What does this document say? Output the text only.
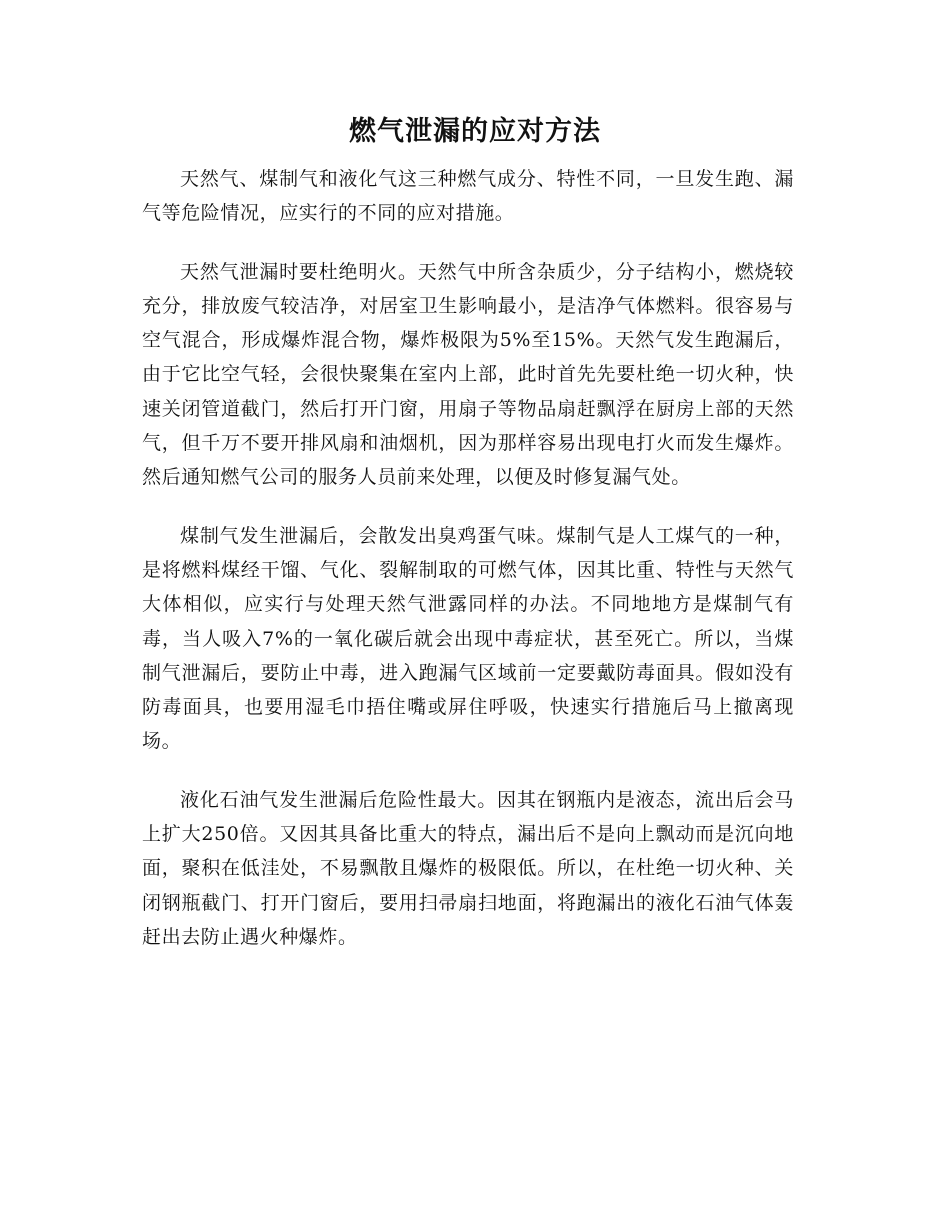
燃气泄漏的应对方法

天然气、煤制气和液化气这三种燃气成分、特性不同，一旦发生跑、漏气等危险情况，应实行的不同的应对措施。

天然气泄漏时要杜绝明火。天然气中所含杂质少，分子结构小，燃烧较充分，排放废气较洁净，对居室卫生影响最小，是洁净气体燃料。很容易与空气混合，形成爆炸混合物，爆炸极限为5%至15%。天然气发生跑漏后，由于它比空气轻，会很快聚集在室内上部，此时首先先要杜绝一切火种，快速关闭管道截门，然后打开门窗，用扇子等物品扇赶飘浮在厨房上部的天然气，但千万不要开排风扇和油烟机，因为那样容易出现电打火而发生爆炸。然后通知燃气公司的服务人员前来处理，以便及时修复漏气处。

煤制气发生泄漏后，会散发出臭鸡蛋气味。煤制气是人工煤气的一种，是将燃料煤经干馏、气化、裂解制取的可燃气体，因其比重、特性与天然气大体相似，应实行与处理天然气泄露同样的办法。不同地地方是煤制气有毒，当人吸入7%的一氧化碳后就会出现中毒症状，甚至死亡。所以，当煤制气泄漏后，要防止中毒，进入跑漏气区域前一定要戴防毒面具。假如没有防毒面具，也要用湿毛巾捂住嘴或屏住呼吸，快速实行措施后马上撤离现场。

液化石油气发生泄漏后危险性最大。因其在钢瓶内是液态，流出后会马上扩大250倍。又因其具备比重大的特点，漏出后不是向上飘动而是沉向地面，聚积在低洼处，不易飘散且爆炸的极限低。所以，在杜绝一切火种、关闭钢瓶截门、打开门窗后，要用扫帚扇扫地面，将跑漏出的液化石油气体轰赶出去防止遇火种爆炸。
